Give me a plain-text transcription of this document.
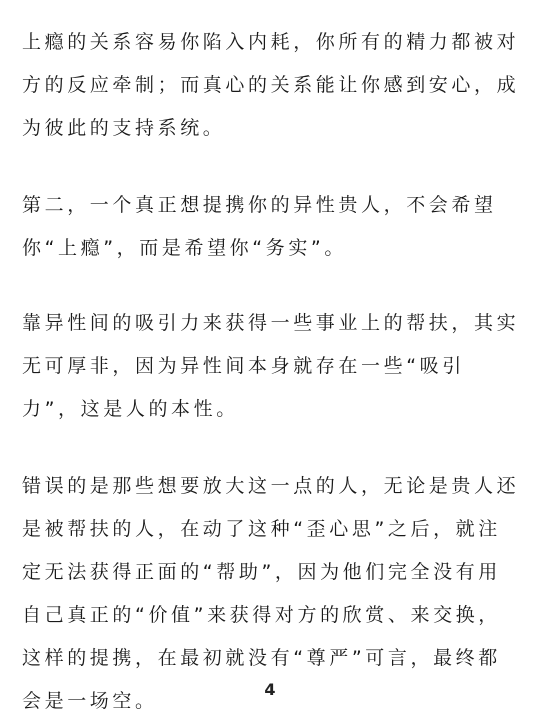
上瘾的关系容易你陷入内耗，你所有的精力都被对方的反应牵制；而真心的关系能让你感到安心，成为彼此的支持系统。

第二，一个真正想提携你的异性贵人，不会希望你“上瘾”，而是希望你“务实”。

靠异性间的吸引力来获得一些事业上的帮扶，其实无可厚非，因为异性间本身就存在一些“吸引力”，这是人的本性。

错误的是那些想要放大这一点的人，无论是贵人还是被帮扶的人，在动了这种“歪心思”之后，就注定无法获得正面的“帮助”，因为他们完全没有用自己真正的“价值”来获得对方的欣赏、来交换，这样的提携，在最初就没有“尊严”可言，最终都会是一场空。

4
